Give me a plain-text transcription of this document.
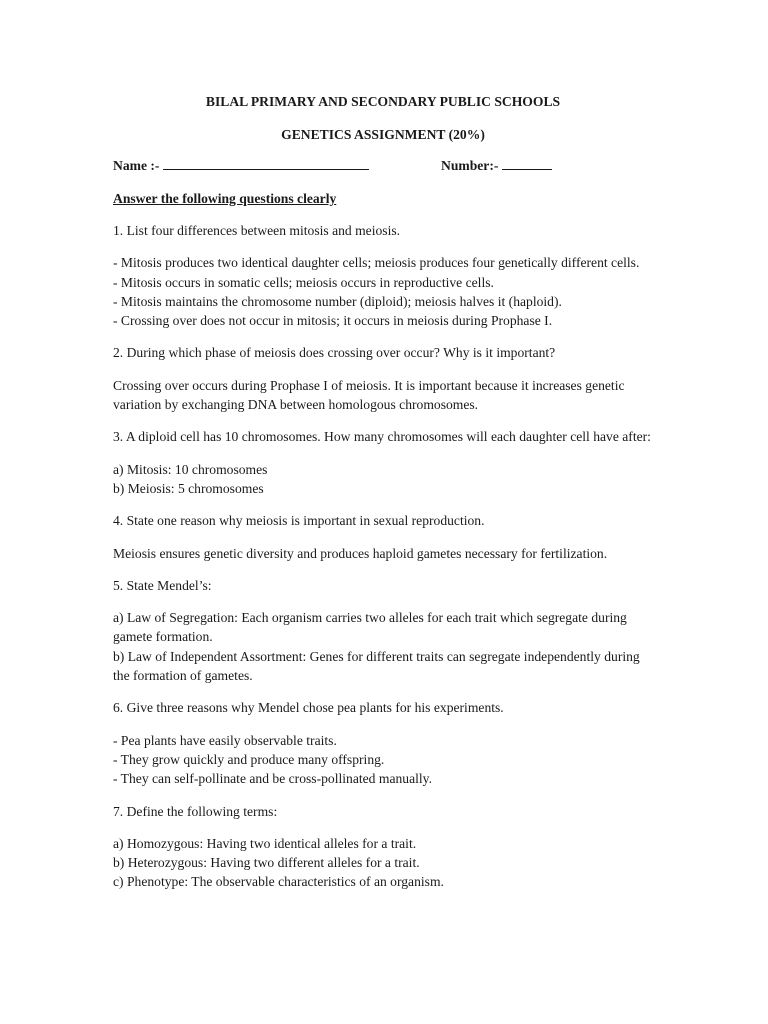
BILAL PRIMARY AND SECONDARY PUBLIC SCHOOLS
GENETICS ASSIGNMENT (20%)
Name :-	Number:-
Answer the following questions clearly

1. List four differences between mitosis and meiosis.

- Mitosis produces two identical daughter cells; meiosis produces four genetically different cells.
- Mitosis occurs in somatic cells; meiosis occurs in reproductive cells.
- Mitosis maintains the chromosome number (diploid); meiosis halves it (haploid).
- Crossing over does not occur in mitosis; it occurs in meiosis during Prophase I.

2. During which phase of meiosis does crossing over occur? Why is it important?

Crossing over occurs during Prophase I of meiosis. It is important because it increases genetic variation by exchanging DNA between homologous chromosomes.

3. A diploid cell has 10 chromosomes. How many chromosomes will each daughter cell have after:

a) Mitosis: 10 chromosomes
b) Meiosis: 5 chromosomes

4. State one reason why meiosis is important in sexual reproduction.

Meiosis ensures genetic diversity and produces haploid gametes necessary for fertilization.

5. State Mendel’s:

a) Law of Segregation: Each organism carries two alleles for each trait which segregate during gamete formation.
b) Law of Independent Assortment: Genes for different traits can segregate independently during the formation of gametes.

6. Give three reasons why Mendel chose pea plants for his experiments.

- Pea plants have easily observable traits.
- They grow quickly and produce many offspring.
- They can self-pollinate and be cross-pollinated manually.

7. Define the following terms:

a) Homozygous: Having two identical alleles for a trait.
b) Heterozygous: Having two different alleles for a trait.
c) Phenotype: The observable characteristics of an organism.
